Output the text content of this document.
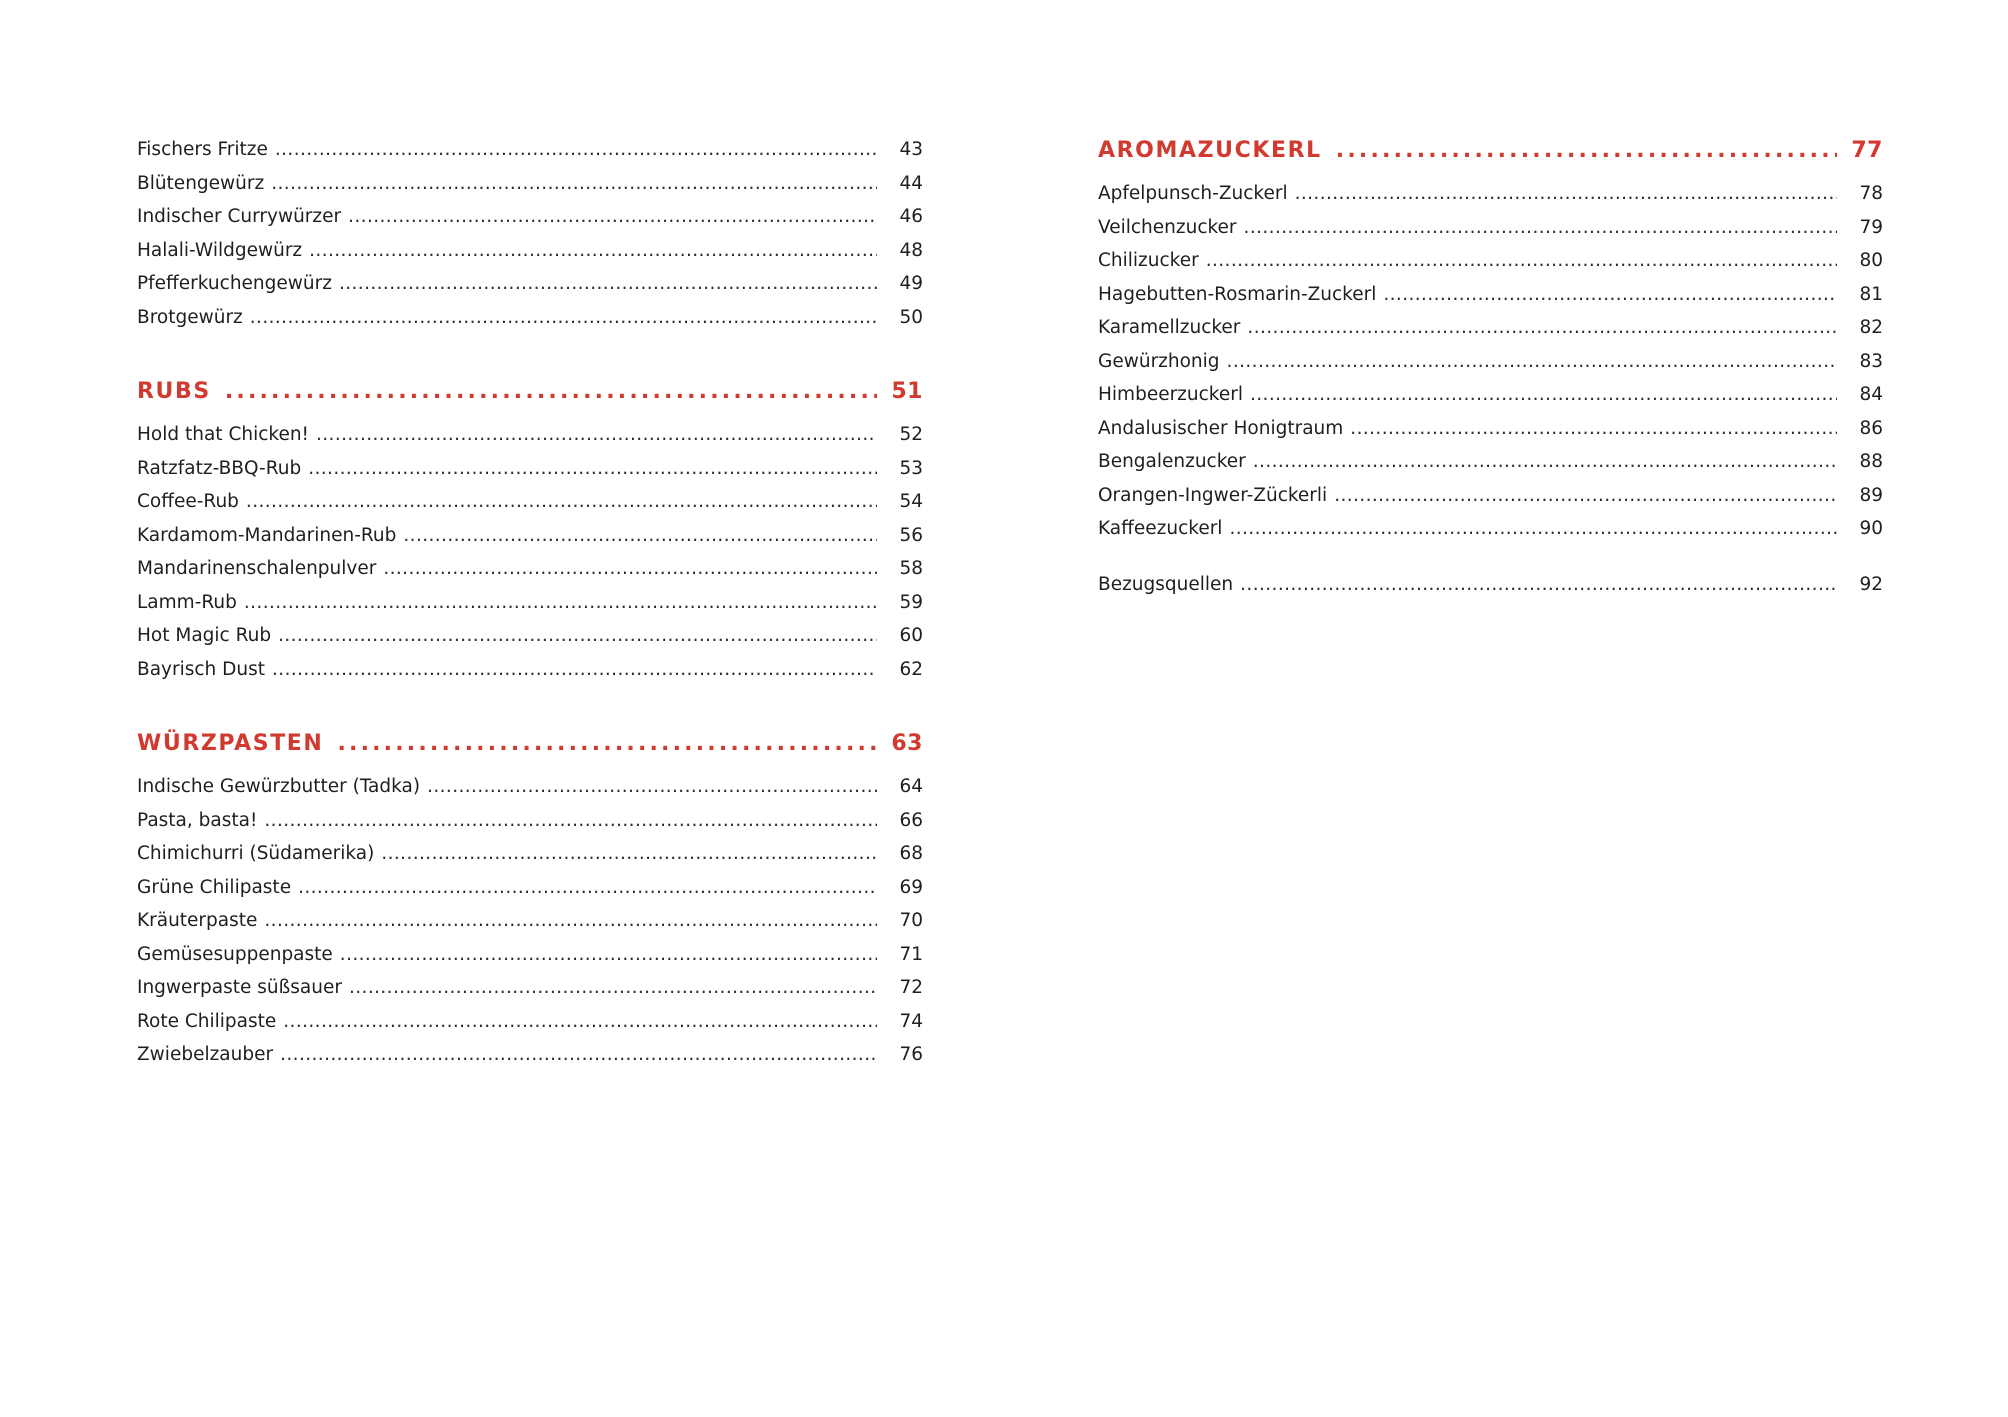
Fischers Fritze .....	43
Blütengewürz .....	44
Indischer Currywürzer .....	46
Halali-Wildgewürz .....	48
Pfefferkuchengewürz .....	49
Brotgewürz .....	50
RUBS .....	51
Hold that Chicken! .....	52
Ratzfatz-BBQ-Rub .....	53
Coffee-Rub .....	54
Kardamom-Mandarinen-Rub .....	56
Mandarinenschalenpulver .....	58
Lamm-Rub .....	59
Hot Magic Rub .....	60
Bayrisch Dust .....	62
WÜRZPASTEN .....	63
Indische Gewürzbutter (Tadka) .....	64
Pasta, basta! .....	66
Chimichurri (Südamerika) .....	68
Grüne Chilipaste .....	69
Kräuterpaste .....	70
Gemüsesuppenpaste .....	71
Ingwerpaste süßsauer .....	72
Rote Chilipaste .....	74
Zwiebelzauber .....	76
AROMAZUCKERL .....	77
Apfelpunsch-Zuckerl .....	78
Veilchenzucker .....	79
Chilizucker .....	80
Hagebutten-Rosmarin-Zuckerl .....	81
Karamellzucker .....	82
Gewürzhonig .....	83
Himbeerzuckerl .....	84
Andalusischer Honigtraum .....	86
Bengalenzucker .....	88
Orangen-Ingwer-Zückerli .....	89
Kaffeezuckerl .....	90
Bezugsquellen .....	92
